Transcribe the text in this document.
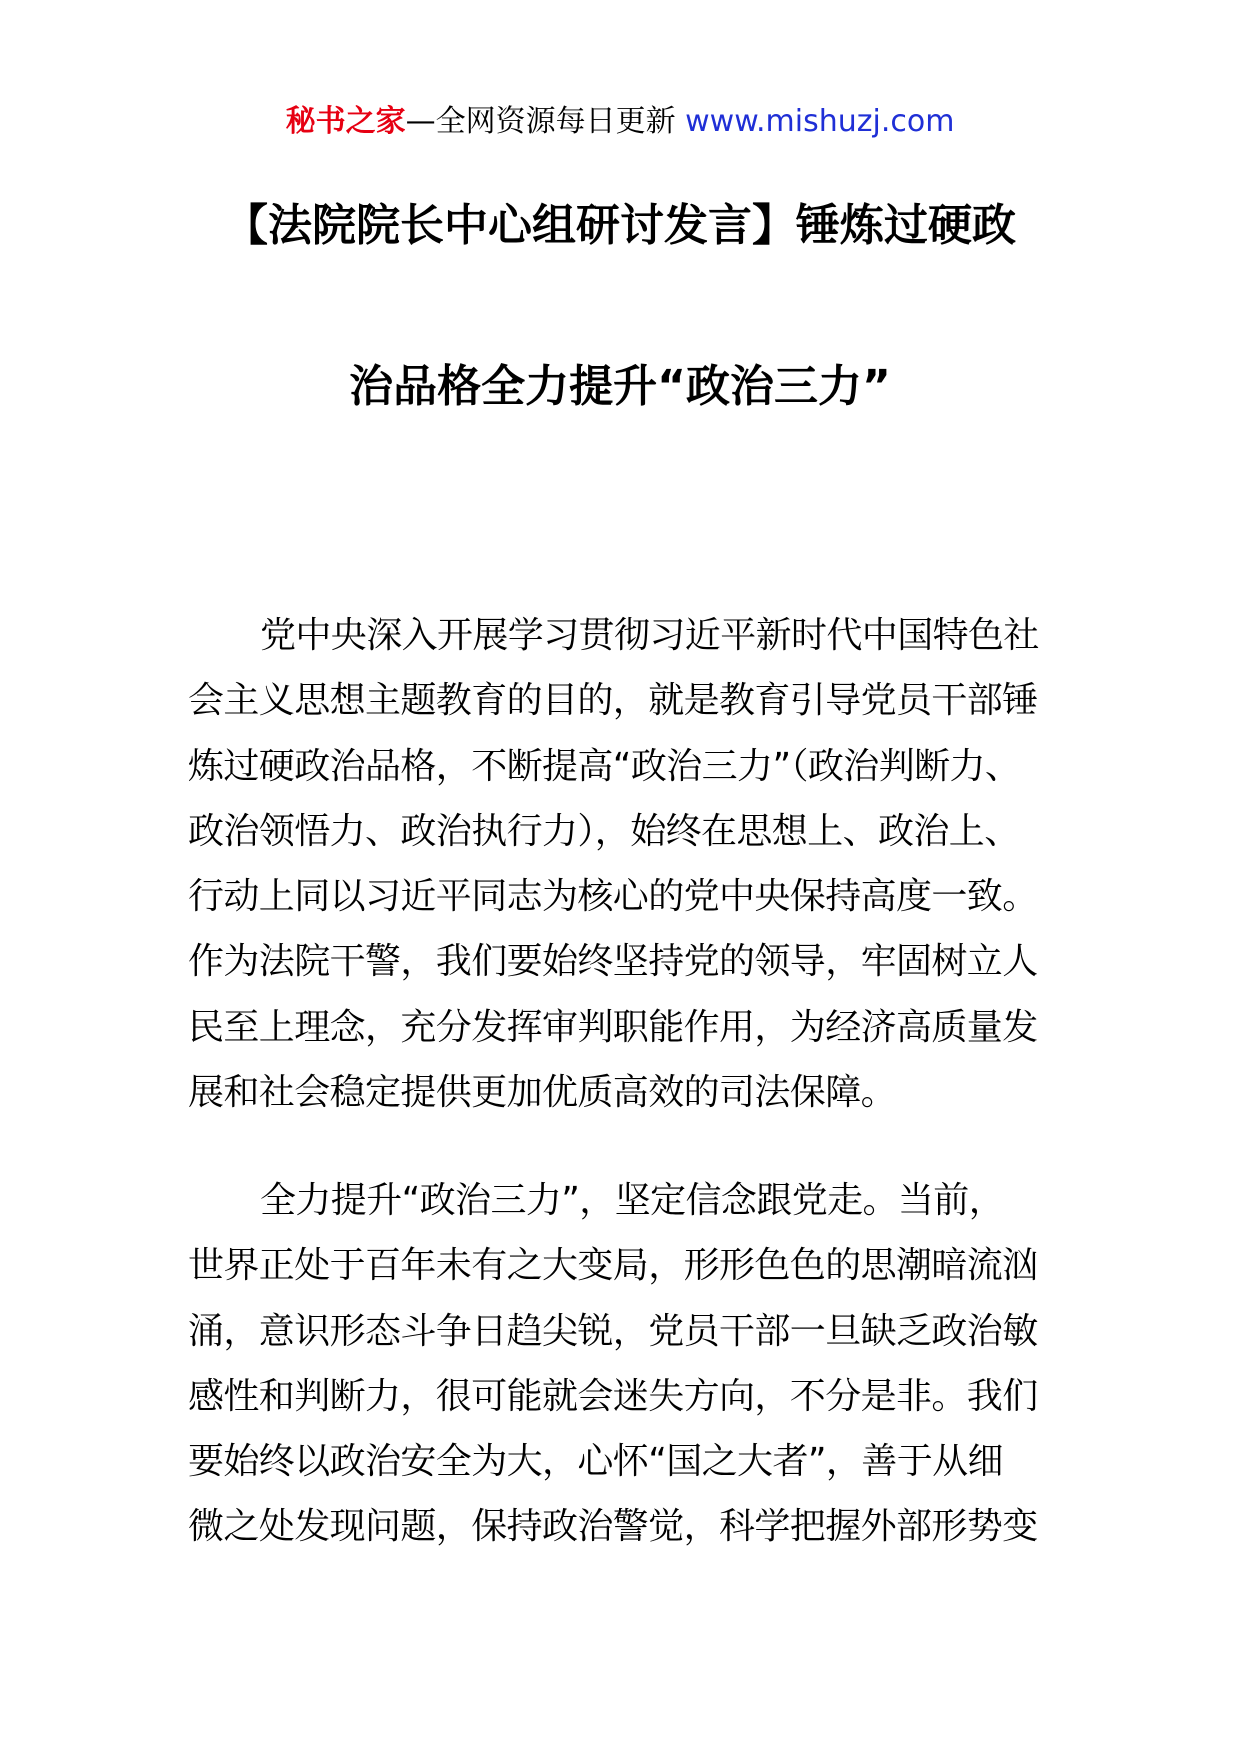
秘书之家—全网资源每日更新 www.mishuzj.com
【法院院长中心组研讨发言】锤炼过硬政
治品格全力提升“政治三力”
党中央深入开展学习贯彻习近平新时代中国特色社
会主义思想主题教育的目的，就是教育引导党员干部锤
炼过硬政治品格，不断提高“政治三力”（政治判断力、
政治领悟力、政治执行力），始终在思想上、政治上、
行动上同以习近平同志为核心的党中央保持高度一致。
作为法院干警，我们要始终坚持党的领导，牢固树立人
民至上理念，充分发挥审判职能作用，为经济高质量发
展和社会稳定提供更加优质高效的司法保障。
全力提升“政治三力”，坚定信念跟党走。当前，
世界正处于百年未有之大变局，形形色色的思潮暗流汹
涌，意识形态斗争日趋尖锐，党员干部一旦缺乏政治敏
感性和判断力，很可能就会迷失方向，不分是非。我们
要始终以政治安全为大，心怀“国之大者”，善于从细
微之处发现问题，保持政治警觉，科学把握外部形势变
